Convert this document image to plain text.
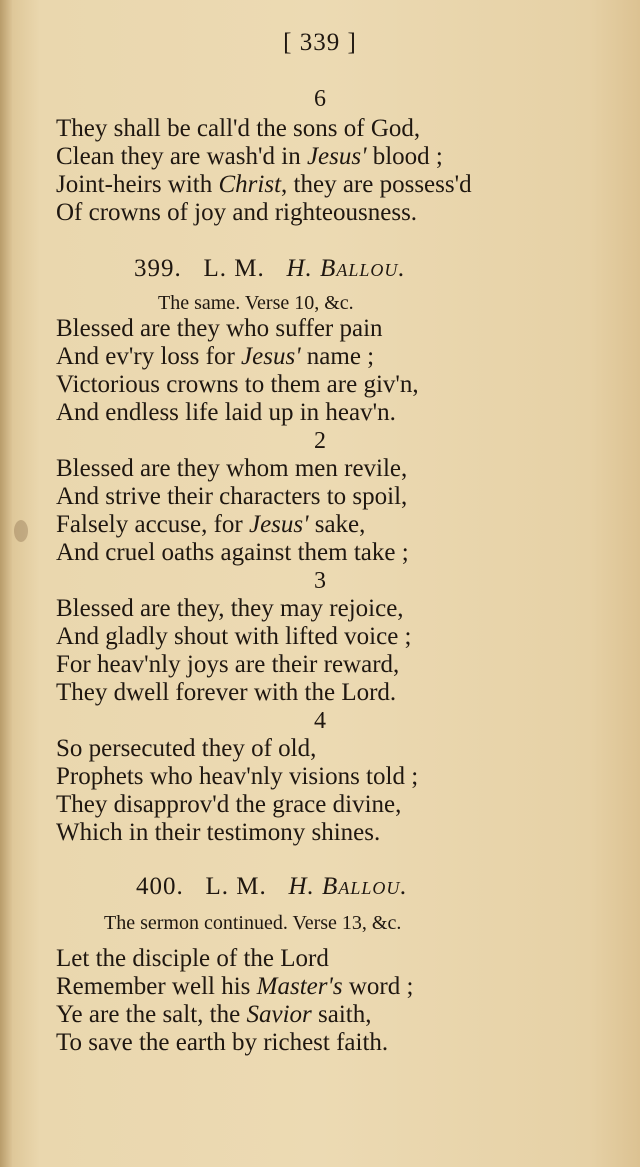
[ 339 ]
6
They shall be call'd the sons of God,
Clean they are wash'd in Jesus' blood ;
Joint-heirs with Christ, they are possess'd
Of crowns of joy and righteousness.
399. L. M. H. Ballou.
The same. Verse 10, &c.
Blessed are they who suffer pain
And ev'ry loss for Jesus' name ;
Victorious crowns to them are giv'n,
And endless life laid up in heav'n.
2
Blessed are they whom men revile,
And strive their characters to spoil,
Falsely accuse, for Jesus' sake,
And cruel oaths against them take ;
3
Blessed are they, they may rejoice,
And gladly shout with lifted voice ;
For heav'nly joys are their reward,
They dwell forever with the Lord.
4
So persecuted they of old,
Prophets who heav'nly visions told ;
They disapprov'd the grace divine,
Which in their testimony shines.
400. L. M. H. Ballou.
The sermon continued. Verse 13, &c.
Let the disciple of the Lord
Remember well his Master's word ;
Ye are the salt, the Savior saith,
To save the earth by richest faith.
